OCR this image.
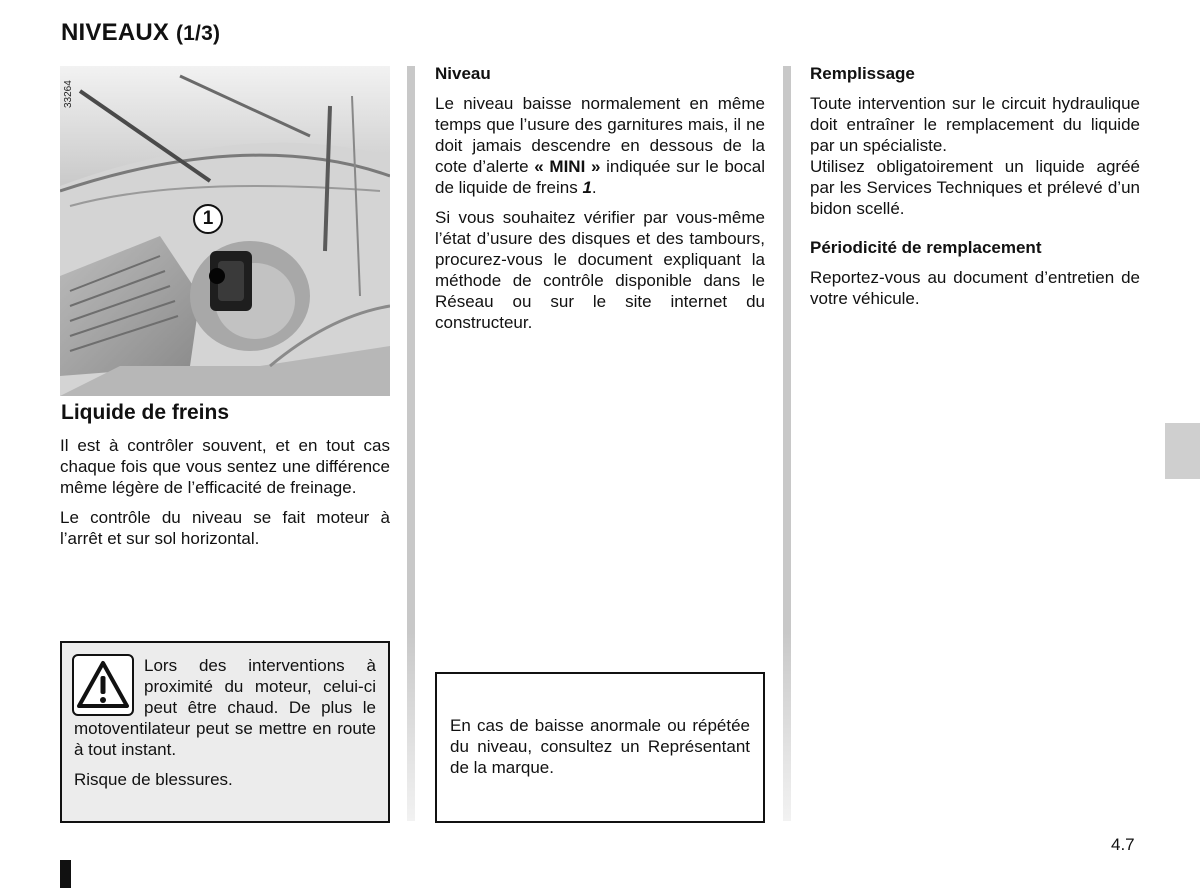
NIVEAUX (1/3)
33264
1
Liquide de freins

Il est à contrôler souvent, et en tout cas chaque fois que vous sentez une différence même légère de l’efficacité de freinage.

Le contrôle du niveau se fait moteur à l’arrêt et sur sol horizontal.

Niveau

Le niveau baisse normalement en même temps que l’usure des garnitures mais, il ne doit jamais descendre en dessous de la cote d’alerte « MINI » indiquée sur le bocal de liquide de freins 1.

Si vous souhaitez vérifier par vous-même l’état d’usure des disques et des tambours, procurez-vous le document expliquant la méthode de contrôle disponible dans le Réseau ou sur le site internet du constructeur.

Remplissage

Toute intervention sur le circuit hydraulique doit entraîner le remplacement du liquide par un spécialiste.

Utilisez obligatoirement un liquide agréé par les Services Techniques et prélevé d’un bidon scellé.

Périodicité de remplacement

Reportez-vous au document d’entretien de votre véhicule.

Lors des interventions à proximité du moteur, celui-ci peut être chaud. De plus le motoventilateur peut se mettre en route à tout instant.

Risque de blessures.

En cas de baisse anormale ou répétée du niveau, consultez un Représentant de la marque.
4.7
